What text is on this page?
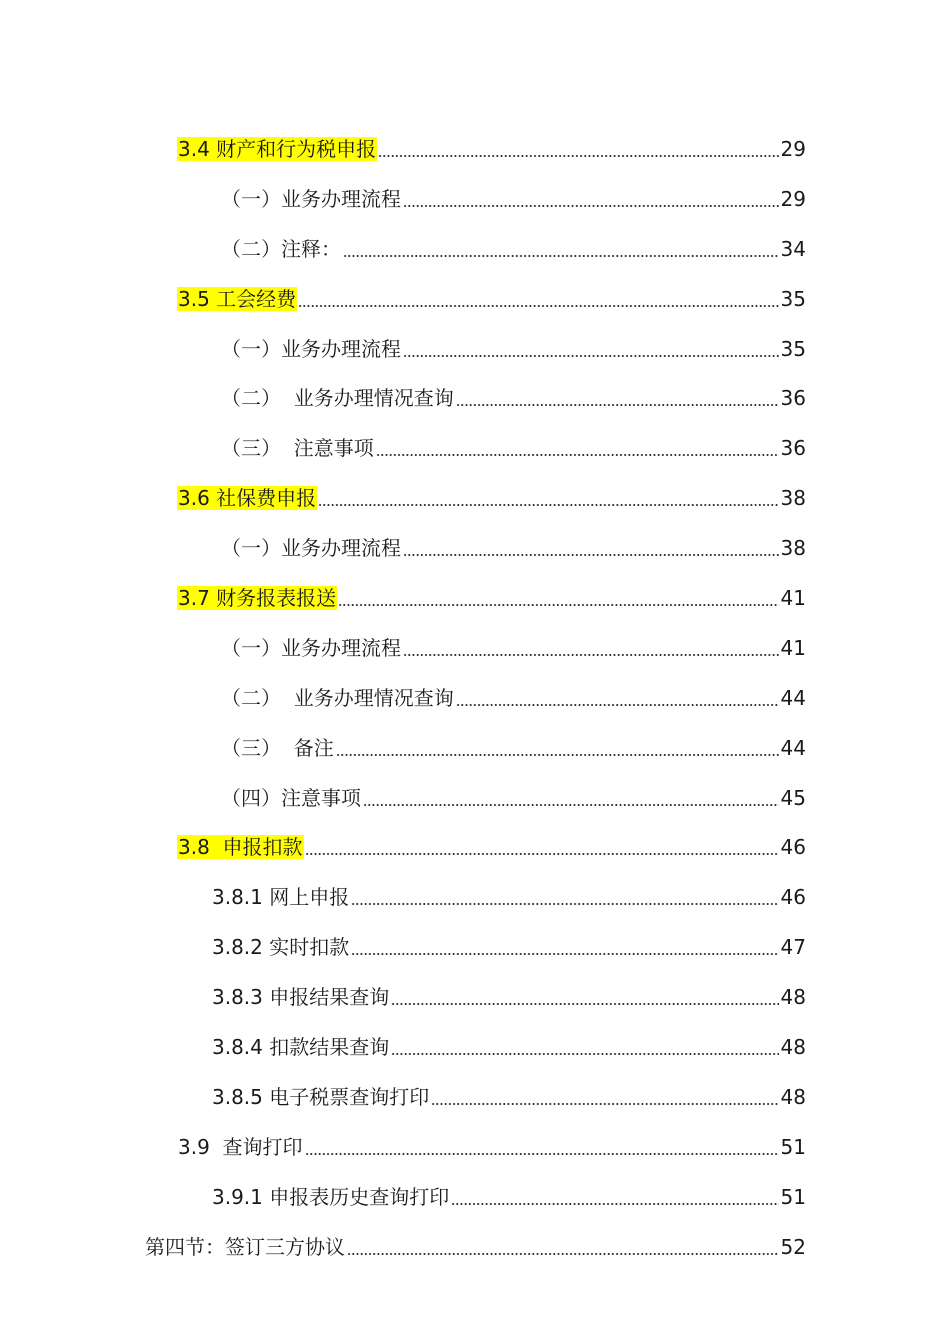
3.4 财产和行为税申报	29
（一）业务办理流程	29
（二）注释：	34
3.5 工会经费	35
（一）业务办理流程	35
（二）  业务办理情况查询	36
（三）  注意事项	36
3.6 社保费申报	38
（一）业务办理流程	38
3.7 财务报表报送	41
（一）业务办理流程	41
（二）  业务办理情况查询	44
（三）  备注	44
（四）注意事项	45
3.8  申报扣款	46
3.8.1 网上申报	46
3.8.2 实时扣款	47
3.8.3 申报结果查询	48
3.8.4 扣款结果查询	48
3.8.5 电子税票查询打印	48
3.9  查询打印	51
3.9.1 申报表历史查询打印	51
第四节：签订三方协议	52
